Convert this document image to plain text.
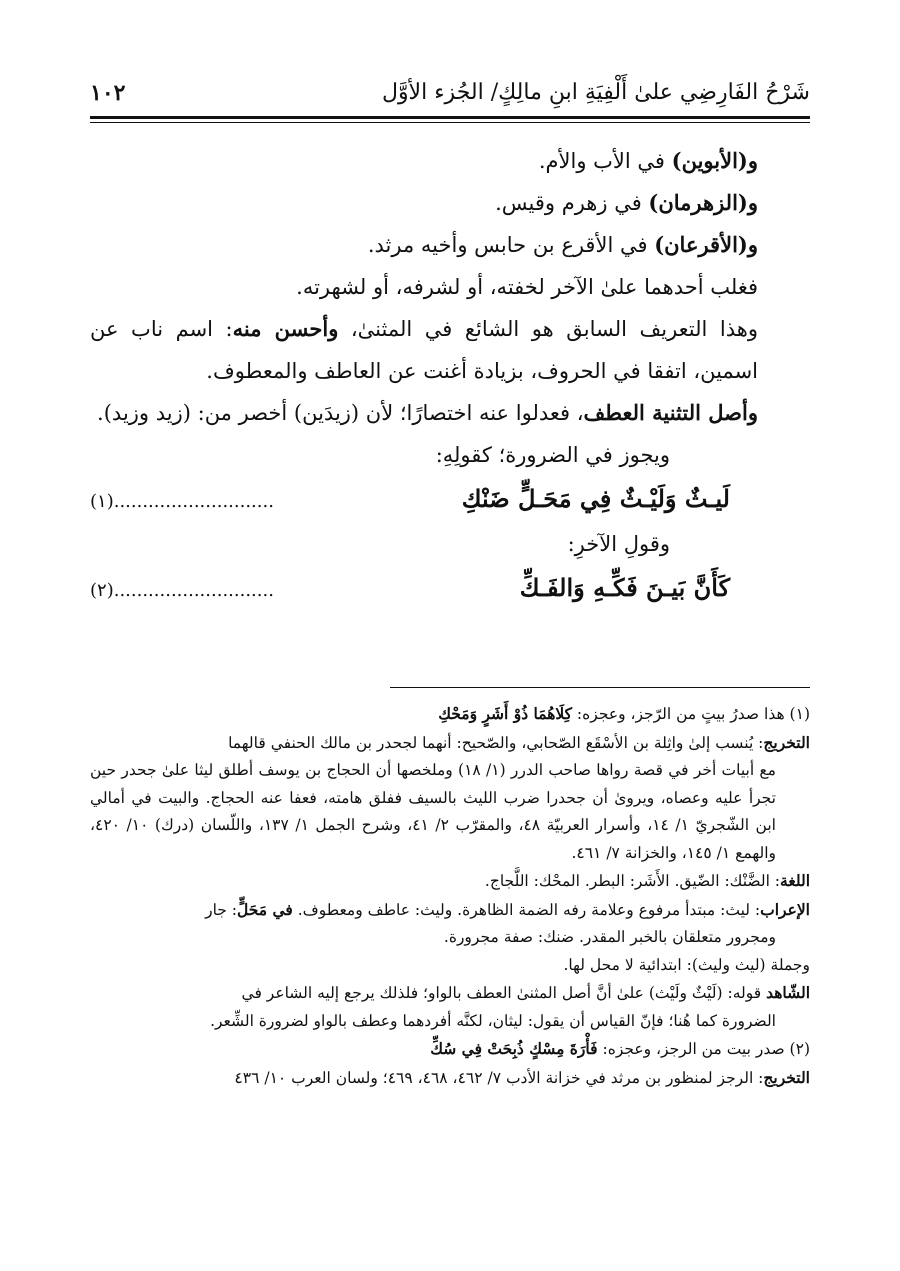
شَرْحُ الفَارِضِي علىٰ أَلْفِيَةِ ابنِ مالِكٍ/ الجُزء الأوَّل
١٠٢

و(الأبوين) في الأب والأم.

و(الزهرمان) في زهرم وقيس.

و(الأقرعان) في الأقرع بن حابس وأخيه مرثد.

فغلب أحدهما علىٰ الآخر لخفته، أو لشرفه، أو لشهرته.

وهذا التعريف السابق هو الشائع في المثنىٰ، وأحسن منه: اسم ناب عن اسمين، اتفقا في الحروف، بزيادة أغنت عن العاطف والمعطوف.

وأصل التثنية العطف، فعدلوا عنه اختصارًا؛ لأن (زيدَين) أخصر من: (زيد وزيد).

ويجوز في الضرورة؛ كقولِهِ:

لَيـثٌ وَلَيْـثٌ فِي مَحَـلٍّ ضَنْكِ
(١)............................

وقولِ الآخرِ:

كَأَنَّ بَيـنَ فَكِّـهِ وَالفَـكِّ
(٢)............................

(١) هذا صدرُ بيتٍ من الرّجز، وعجزه: كِلَاهُمَا ذُوْ أَشَرٍ وَمَحْكِ

التخريج: يُنسب إلىٰ واثِلة بن الأسْقَع الصّحابي، والصّحيح: أنهما لجحدر بن مالك الحنفي قالهما

مع أبيات أخر في قصة رواها صاحب الدرر (١/ ١٨) وملخصها أن الحجاج بن يوسف أطلق ليثا علىٰ جحدر حين تجرأ عليه وعصاه، ويروىٰ أن جحدرا ضرب الليث بالسيف ففلق هامته، فعفا عنه الحجاج. والبيت في أمالي ابن الشّجريّ ١/ ١٤، وأسرار العربيّة ٤٨، والمقرّب ٢/ ٤١، وشرح الجمل ١/ ١٣٧، واللّسان (درك) ١٠/ ٤٢٠، والهمع ١/ ١٤٥، والخزانة ٧/ ٤٦١.

اللغة: الضَّنْك: الضّيق. الأَشَر: البطر. المحْك: اللَّجاج.

الإعراب: ليث: مبتدأ مرفوع وعلامة رفه الضمة الظاهرة. وليث: عاطف ومعطوف. في مَحَلٍّ: جار

ومجرور متعلقان بالخبر المقدر. ضنك: صفة مجرورة.

وجملة (ليث وليث): ابتدائية لا محل لها.

الشّاهد قوله: (لَيْثٌ ولَيْث) علىٰ أنَّ أصل المثنىٰ العطف بالواو؛ فلذلك يرجع إليه الشاعر في

الضرورة كما هُنا؛ فإنّ القياس أن يقول: ليثان، لكنَّه أفردهما وعطف بالواو لضرورة الشِّعر.

(٢) صدر بيت من الرجز، وعجزه: فَأْرَةَ مِسْكٍ ذُبِحَتْ فِي سُكِّ

التخريج: الرجز لمنظور بن مرثد في خزانة الأدب ٧/ ٤٦٢، ٤٦٨، ٤٦٩؛ ولسان العرب ١٠/ ٤٣٦
